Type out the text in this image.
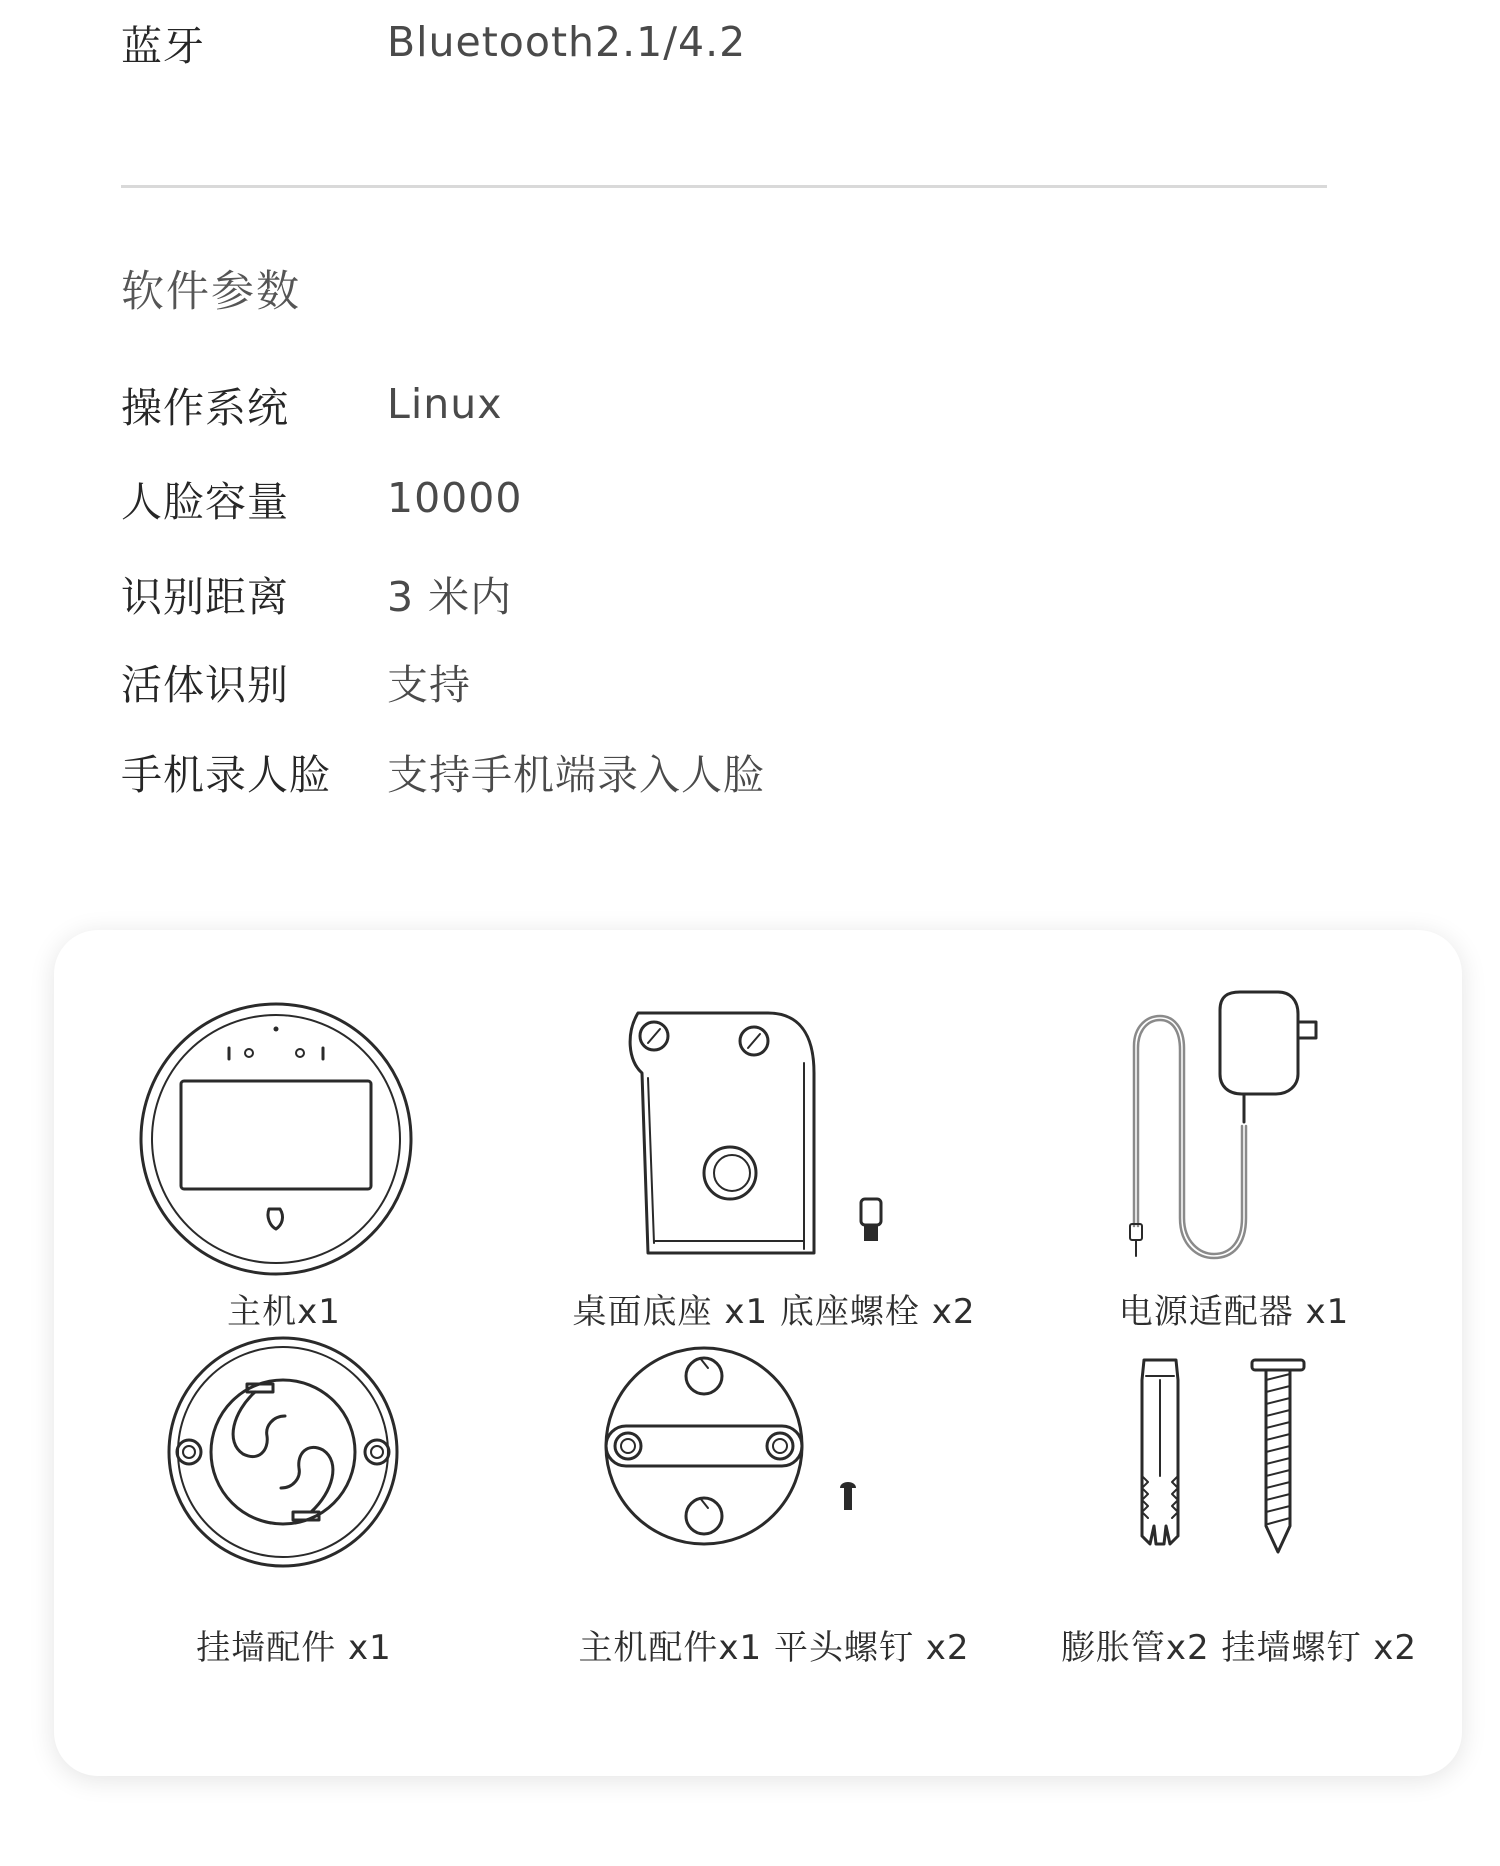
蓝牙	Bluetooth2.1/4.2
软件参数
操作系统	Linux
人脸容量	10000
识别距离	3 米内
活体识别	支持
手机录人脸	支持手机端录入人脸
主机x1	桌面底座 x1 底座螺栓 x2	电源适配器 x1
挂墙配件 x1	主机配件x1 平头螺钉 x2	膨胀管x2 挂墙螺钉 x2
